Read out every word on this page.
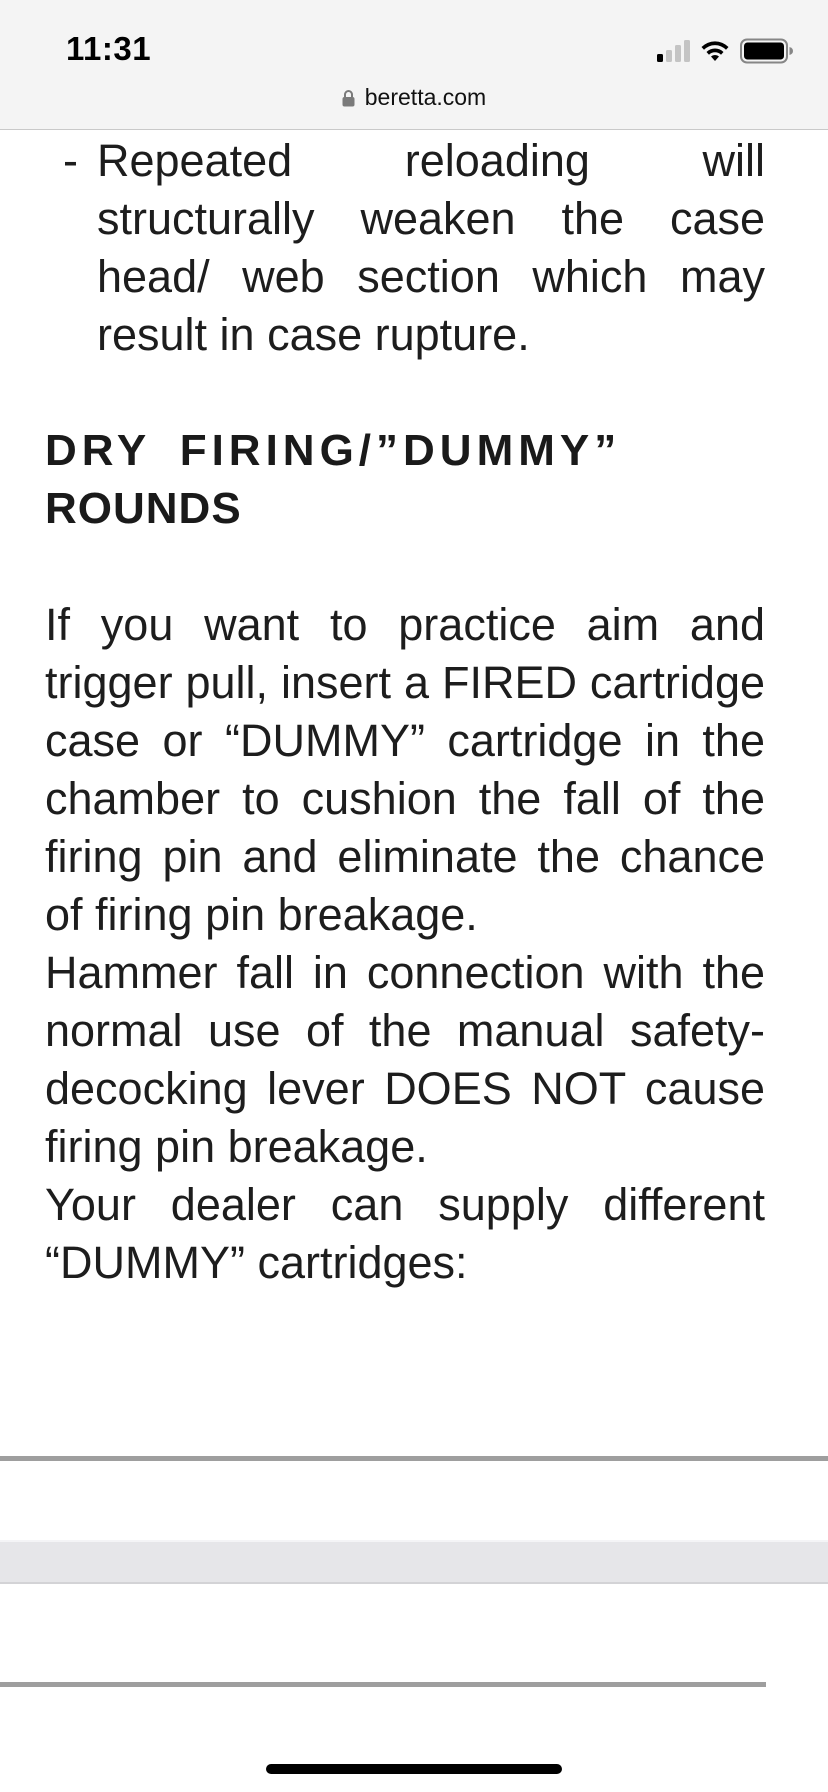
11:31
beretta.com
- Repeated reloading will structurally weaken the case head/ web section which may result in case rupture.
DRY FIRING/”DUMMY”
ROUNDS
If you want to practice aim and trigger pull, insert a FIRED cartridge case or “DUMMY” cartridge in the chamber to cushion the fall of the firing pin and eliminate the chance of firing pin breakage.
Hammer fall in connection with the normal use of the manual safety-decocking lever DOES NOT cause firing pin breakage.
Your dealer can supply different “DUMMY” cartridges:
